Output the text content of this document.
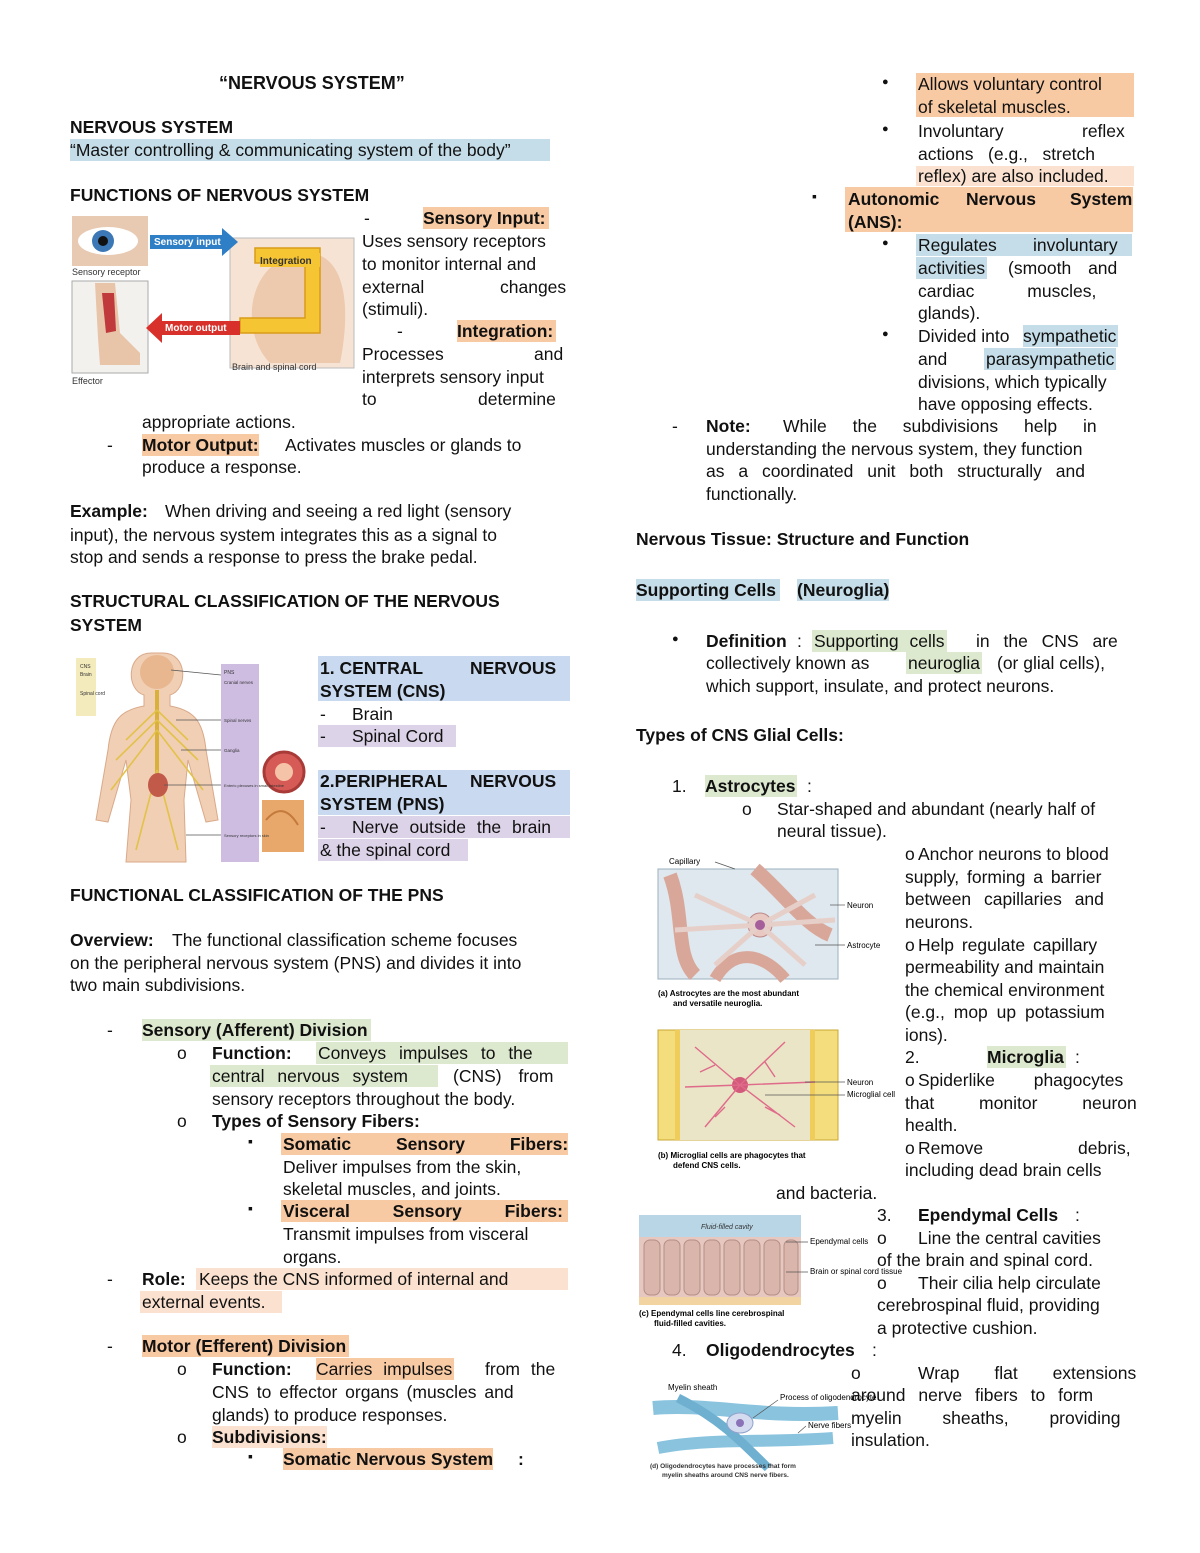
“NERVOUS SYSTEM”
NERVOUS SYSTEM
“Master controlling & communicating system of the body”
FUNCTIONS OF NERVOUS SYSTEM
Sensory input
Integration
Motor output
Sensory receptor
Effector
Brain and spinal cord
-	Sensory Input:
Uses sensory receptors
to monitor internal and
external	changes
(stimuli).
-	Integration:
Processes	and
interprets sensory input
to	determine
appropriate actions.
- Motor Output: Activates muscles or glands to
produce a response.
Example: When driving and seeing a red light (sensory
input), the nervous system integrates this as a signal to
stop and sends a response to press the brake pedal.
STRUCTURAL CLASSIFICATION OF THE NERVOUS
SYSTEM
CNS
Brain
Spinal cord
PNS
Cranial nerves
Spinal nerves
Ganglia
Enteric plexuses in small intestine
Sensory receptors in skin
1. CENTRAL	NERVOUS
SYSTEM (CNS)
- Brain
- Spinal Cord
2.PERIPHERAL NERVOUS
SYSTEM (PNS)
- Nerve outside the brain
& the spinal cord
FUNCTIONAL CLASSIFICATION OF THE PNS
Overview: The functional classification scheme focuses
on the peripheral nervous system (PNS) and divides it into
two main subdivisions.
- Sensory (Afferent) Division
o Function: Conveys impulses to the
central nervous system	(CNS) from
sensory receptors throughout the body.
o Types of Sensory Fibers:
▪ Somatic Sensory Fibers:
Deliver impulses from the skin,
skeletal muscles, and joints.
▪ Visceral Sensory Fibers:
Transmit impulses from visceral
organs.
- Role: Keeps the CNS informed of internal and
external events.
- Motor (Efferent) Division
o Function: Carries impulses from the
CNS to effector organs (muscles and
glands) to produce responses.
o Subdivisions:
▪ Somatic Nervous System :
● Allows voluntary control
of skeletal muscles.
● Involuntary	reflex
actions   (e.g.,   stretch
reflex) are also included.
▪ Autonomic Nervous System
(ANS):
● Regulates involuntary
activities (smooth and
cardiac muscles,
glands).
● Divided into sympathetic
and parasympathetic
divisions, which typically
have opposing effects.
- Note: While the subdivisions help in
understanding the nervous system, they function
as a coordinated unit both structurally and
functionally.
Nervous Tissue: Structure and Function
Supporting Cells (Neuroglia)
● Definition : Supporting cells in the CNS are
collectively known as neuroglia (or glial cells),
which support, insulate, and protect neurons.
Types of CNS Glial Cells:
1. Astrocytes :
o Star-shaped and abundant (nearly half of
neural tissue).
Capillary
Neuron
Astrocyte
(a) Astrocytes are the most abundant
and versatile neuroglia.
o Anchor neurons to blood
supply, forming a barrier
between capillaries and
neurons.
o Help regulate capillary
permeability and maintain
the chemical environment
(e.g., mop up potassium
ions).
2.	Microglia :
o Spiderlike phagocytes
that monitor neuron
health.
o Remove debris,
including dead brain cells
and bacteria.
Neuron
Microglial cell
(b) Microglial cells are phagocytes that
defend CNS cells.
3. Ependymal Cells :
o Line the central cavities
of the brain and spinal cord.
o Their cilia help circulate
cerebrospinal fluid, providing
a protective cushion.
Fluid-filled cavity
Ependymal cells
Brain or spinal cord tissue
(c) Ependymal cells line cerebrospinal
fluid-filled cavities.
4. Oligodendrocytes :
o	Wrap flat extensions
around nerve fibers to form
myelin sheaths, providing
insulation.
Myelin sheath
Process of oligodendrocyte
Nerve fibers
(d) Oligodendrocytes have processes that form
myelin sheaths around CNS nerve fibers.
